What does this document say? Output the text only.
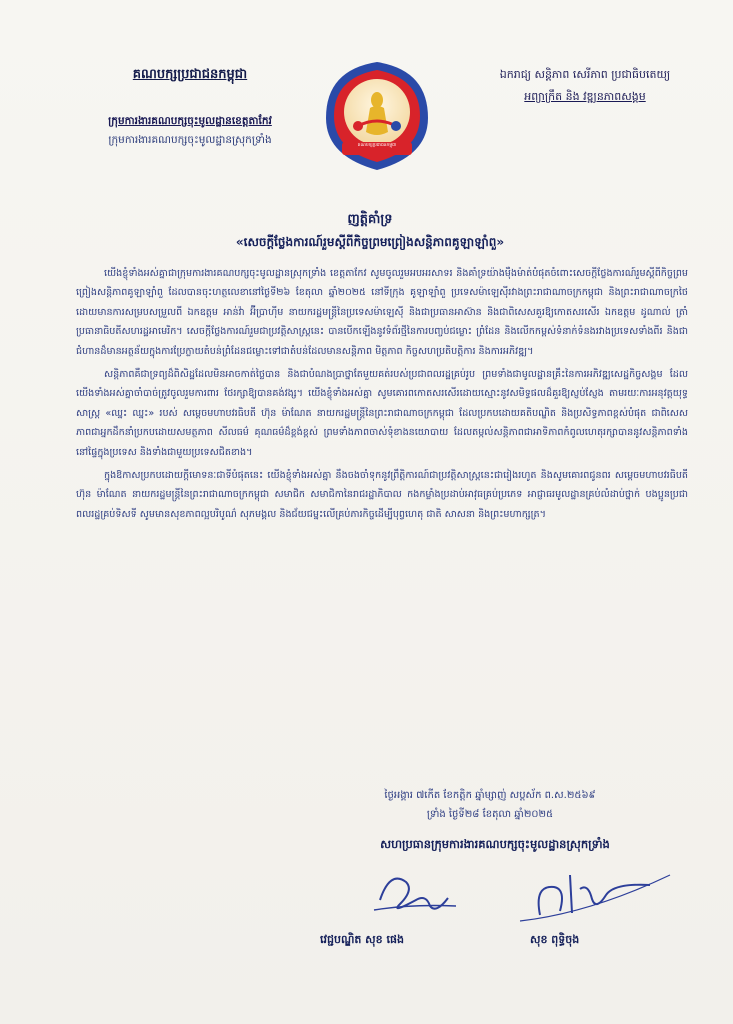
គណបក្សប្រជាជនកម្ពុជា
ក្រុមការងារគណបក្សចុះមូលដ្ឋានខេត្តតាកែវ
ក្រុមការងារគណបក្សចុះមូលដ្ឋានស្រុកទ្រាំង	គណបក្សប្រជាជនកម្ពុជា
ឯករាជ្យ សន្តិភាព សេរីភាព ប្រជាធិបតេយ្យ
អព្យាក្រឹត និង វឌ្ឍនភាពសង្គម
ញត្តិគាំទ្រ
«សេចក្តីថ្លែងការណ៍រួមស្តីពីកិច្ចព្រមព្រៀងសន្តិភាពគូឡាឡាំពួ»

យើងខ្ញុំទាំងអស់គ្នាជាក្រុមការងារគណបក្សចុះមូលដ្ឋានស្រុកទ្រាំង ខេត្តតាកែវ សូមចូលរួមអបអរសាទរ និងគាំទ្រយ៉ាងម៉ឺងម៉ាត់បំផុតចំពោះសេចក្តីថ្លែងការណ៍រួមស្តីពីកិច្ចព្រមព្រៀងសន្តិភាពគូឡាឡាំពួ ដែលបានចុះហត្ថលេខានៅថ្ងៃទី២៦ ខែតុលា ឆ្នាំ២០២៥ នៅទីក្រុង គូឡាឡាំពួ ប្រទេសម៉ាឡេស៊ីរវាងព្រះរាជាណាចក្រកម្ពុជា និងព្រះរាជាណាចក្រថៃ ដោយមានការសម្របសម្រួលពី ឯកឧត្តម អាន់វ៉ា អ៊ីប្រាហ៊ីម នាយករដ្ឋមន្ត្រីនៃប្រទេសម៉ាឡេស៊ី និងជាប្រធានអាស៊ាន និងជាពិសេសគួរឱ្យកោតសរសើរ ឯកឧត្តម ដូណាល់ ត្រាំ ប្រធានាធិបតីសហរដ្ឋអាមេរិក។ សេចក្តីថ្លែងការណ៍រួមជាប្រវត្តិសាស្ត្រនេះ បានបើកឡើងនូវទំព័រថ្មីនៃការបញ្ចប់ជម្លោះ ព្រំដែន និងលើកកម្ពស់ទំនាក់ទំនងរវាងប្រទេសទាំងពីរ និងជាជំហានដ៏មានអត្ថន័យក្នុងការប្រែក្លាយតំបន់ព្រំដែនជម្លោះទៅជាតំបន់ដែលមានសន្តិភាព មិត្តភាព កិច្ចសហប្រតិបត្តិការ និងការអភិវឌ្ឍ។

សន្តិភាពគឺជាទ្រព្យដ៏ពិសិដ្ឋដែលមិនអាចកាត់ថ្លៃបាន និងជាបំណងប្រាថ្នាតែមួយគត់របស់ប្រជាពលរដ្ឋគ្រប់រូប ព្រមទាំងជាមូលដ្ឋានគ្រឹះនៃការអភិវឌ្ឍសេដ្ឋកិច្ចសង្គម ដែលយើងទាំងអស់គ្នាចាំបាច់ត្រូវចូលរួមការពារ ថែរក្សាឱ្យបានគង់វង្ស។ យើងខ្ញុំទាំងអស់គ្នា សូមគោរពកោតសរសើរដោយស្មោះនូវសមិទ្ធផលដ៏គួរឱ្យស្ញប់ស្ញែង តាមរយៈការអនុវត្តយុទ្ធសាស្ត្រ «ឈ្នះ ឈ្នះ» របស់ សម្តេចមហាបវរធិបតី ហ៊ុន ម៉ាណែត នាយករដ្ឋមន្ត្រីនៃព្រះរាជាណាចក្រកម្ពុជា ដែលប្រកបដោយគតិបណ្ឌិត និងប្រសិទ្ធភាពខ្ពស់បំផុត ជាពិសេសភាពជាអ្នកដឹកនាំប្រកបដោយសមត្ថភាព សីលធម៌ គុណធម៌ដ៏ខ្ពង់ខ្ពស់ ព្រមទាំងភាពចាស់ទុំខាងនយោបាយ ដែលតម្កល់សន្តិភាពជាអាទិភាពកំពូលហេតុរក្សាបាននូវសន្តិភាពទាំងនៅផ្ទៃក្នុងប្រទេស និងទាំងជាមួយប្រទេសជិតខាង។

ក្នុងឱកាសប្រកបដោយក្តីមោទនៈជាទីបំផុតនេះ យើងខ្ញុំទាំងអស់គ្នា នឹងចងចាំទុកនូវព្រឹត្តិការណ៍ជាប្រវត្តិសាស្ត្រនេះជារៀងរហូត និងសូមគោរពជូនពរ សម្តេចមហាបវរធិបតី ហ៊ុន ម៉ាណែត នាយករដ្ឋមន្ត្រីនៃព្រះរាជាណាចក្រកម្ពុជា សមាជិក សមាជិកានៃរាជរដ្ឋាភិបាល កងកម្លាំងប្រដាប់អាវុធគ្រប់ប្រភេទ អាជ្ញាធរមូលដ្ឋានគ្រប់លំដាប់ថ្នាក់ បងប្អូនប្រជាពលរដ្ឋគ្រប់ទិសទី សូមមានសុខភាពល្អបរិបូណ៌ សុភមង្គល និងជ័យជម្នះលើគ្រប់ភារកិច្ចដើម្បីបុព្វហេតុ ជាតិ សាសនា និងព្រះមហាក្សត្រ។

ថ្ងៃអង្គារ ៧កើត ខែកត្តិក ឆ្នាំម្សាញ់ សប្តស័ក ព.ស.២៥៦៩
ទ្រាំង ថ្ងៃទី២៨ ខែតុលា ឆ្នាំ២០២៥
សហប្រធានក្រុមការងារគណបក្សចុះមូលដ្ឋានស្រុកទ្រាំង
វេជ្ជបណ្ឌិត សុខ ផេង	សុខ ពុទ្ធិចុង
